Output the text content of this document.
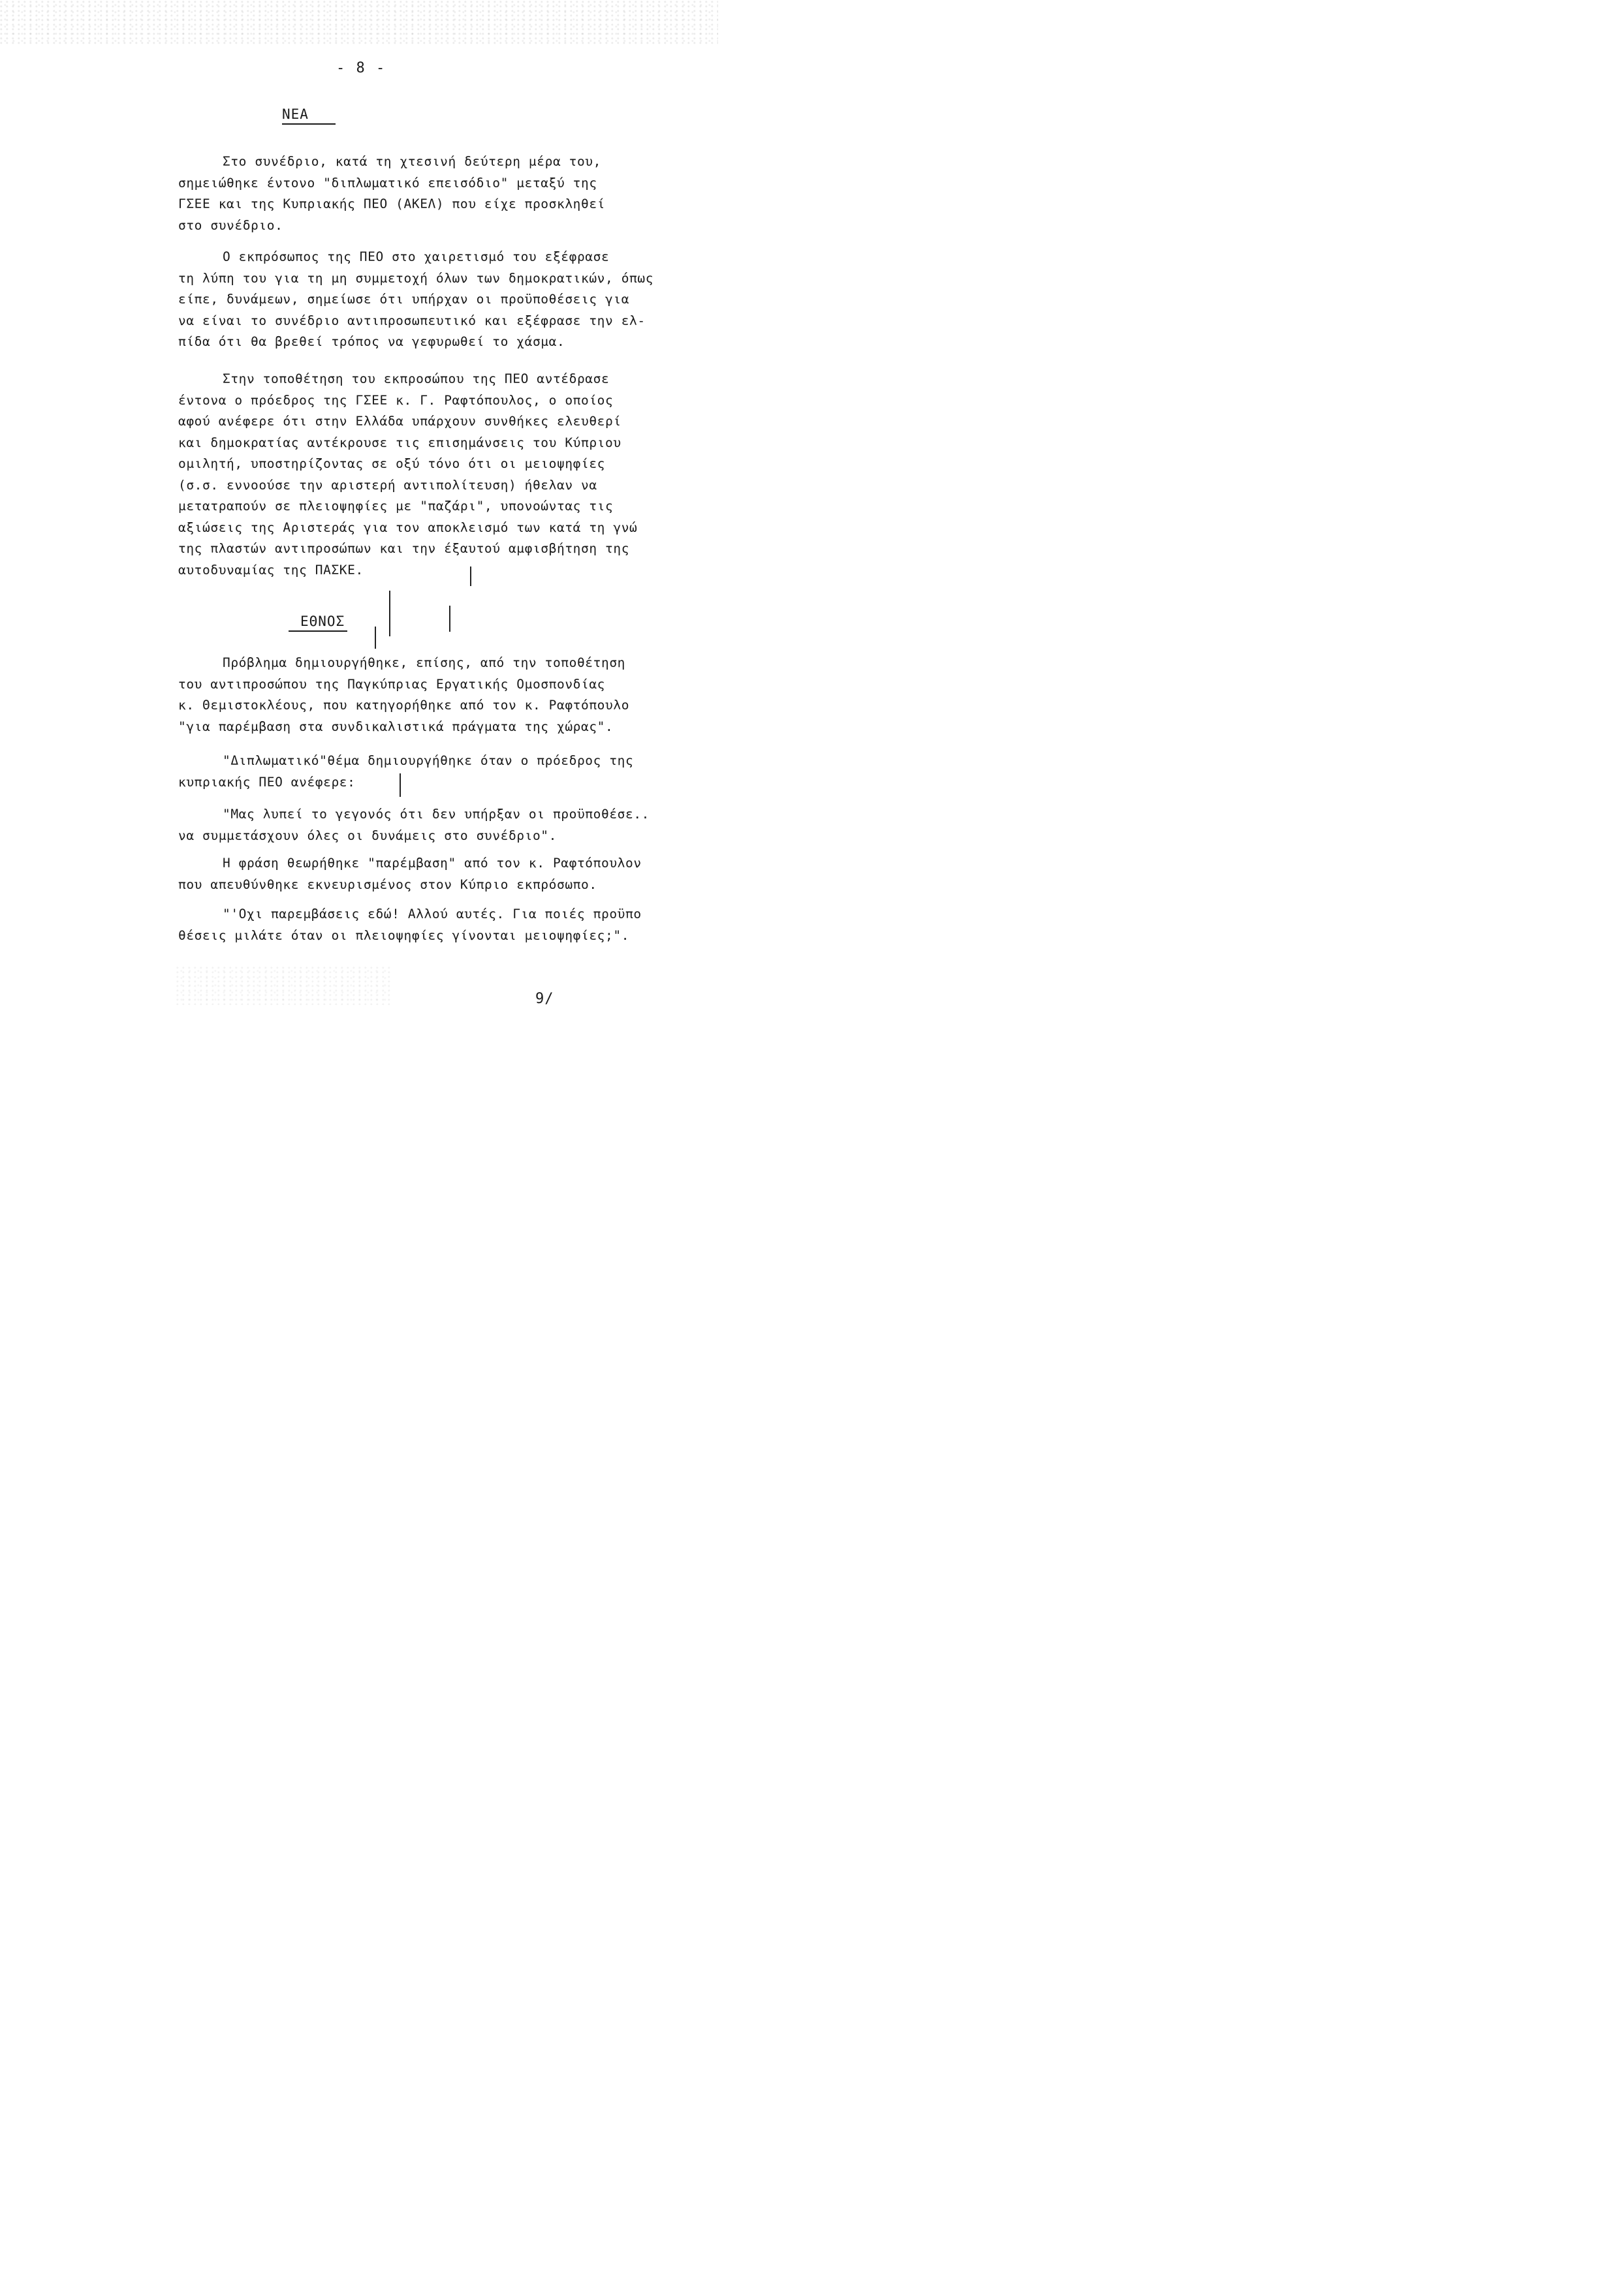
- 8 -
ΝΕΑ
Στο συνέδριο, κατά τη χτεσινή δεύτερη μέρα του,
σημειώθηκε έντονο "διπλωματικό επεισόδιο" μεταξύ της
ΓΣΕΕ και της Κυπριακής ΠΕΟ (ΑΚΕΛ) που είχε προσκληθεί
στο συνέδριο.
Ο εκπρόσωπος της ΠΕΟ στο χαιρετισμό του εξέφρασε
τη λύπη του για τη μη συμμετοχή όλων των δημοκρατικών, όπως
είπε, δυνάμεων, σημείωσε ότι υπήρχαν οι προϋποθέσεις για
να είναι το συνέδριο αντιπροσωπευτικό και εξέφρασε την ελ-
πίδα ότι θα βρεθεί τρόπος να γεφυρωθεί το χάσμα.
Στην τοποθέτηση του εκπροσώπου της ΠΕΟ αντέδρασε
έντονα ο πρόεδρος της ΓΣΕΕ κ. Γ. Ραφτόπουλος, ο οποίος
αφού ανέφερε ότι στην Ελλάδα υπάρχουν συνθήκες ελευθερί
και δημοκρατίας αντέκρουσε τις επισημάνσεις του Κύπριου
ομιλητή, υποστηρίζοντας σε οξύ τόνο ότι οι μειοψηφίες
(σ.σ. εννοούσε την αριστερή αντιπολίτευση) ήθελαν να
μετατραπούν σε πλειοψηφίες με "παζάρι", υπονοώντας τις
αξιώσεις της Αριστεράς για τον αποκλεισμό των κατά τη γνώ
της πλαστών αντιπροσώπων και την έξαυτού αμφισβήτηση της
αυτοδυναμίας της ΠΑΣΚΕ.
ΕΘΝΟΣ
Πρόβλημα δημιουργήθηκε, επίσης, από την τοποθέτηση
του αντιπροσώπου της Παγκύπριας Εργατικής Ομοσπονδίας
κ. Θεμιστοκλέους, που κατηγορήθηκε από τον κ. Ραφτόπουλο
"για παρέμβαση στα συνδικαλιστικά πράγματα της χώρας".
"Διπλωματικό"θέμα δημιουργήθηκε όταν ο πρόεδρος της
κυπριακής ΠΕΟ ανέφερε:
"Μας λυπεί το γεγονός ότι δεν υπήρξαν οι προϋποθέσε..
να συμμετάσχουν όλες οι δυνάμεις στο συνέδριο".
Η φράση θεωρήθηκε "παρέμβαση" από τον κ. Ραφτόπουλον
που απευθύνθηκε εκνευρισμένος στον Κύπριο εκπρόσωπο.
"'Οχι παρεμβάσεις εδώ! Αλλού αυτές. Για ποιές προϋπο
θέσεις μιλάτε όταν οι πλειοψηφίες γίνονται μειοψηφίες;".
9/
